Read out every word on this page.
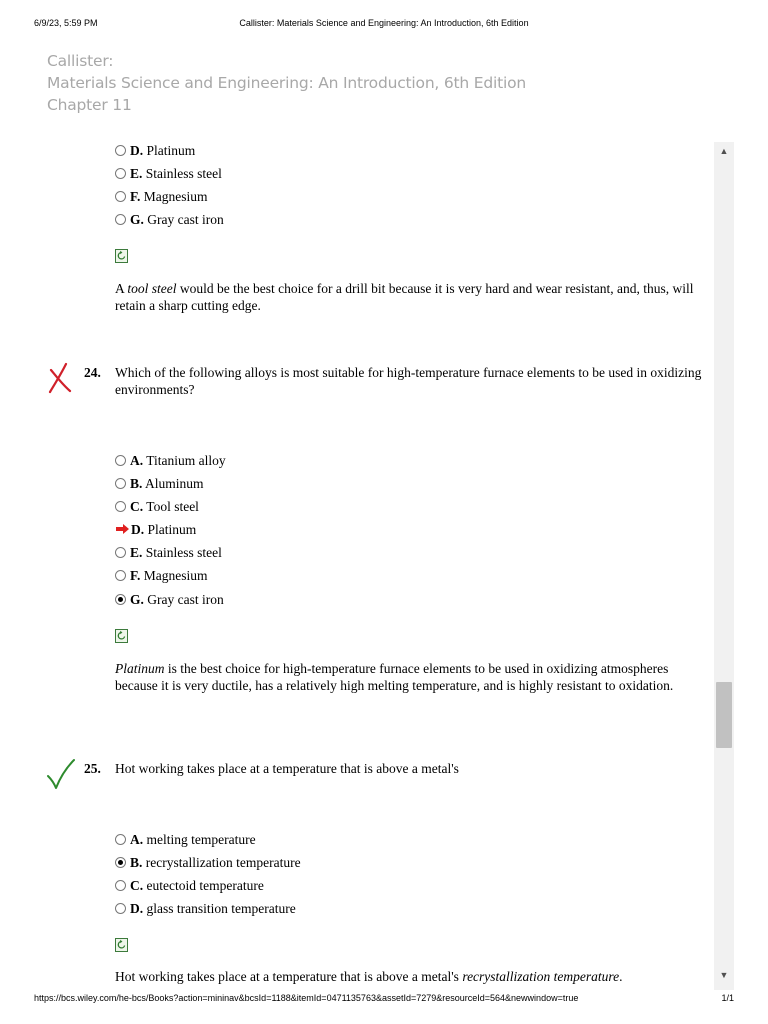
6/9/23, 5:59 PM	Callister: Materials Science and Engineering: An Introduction, 6th Edition
Callister:
Materials Science and Engineering: An Introduction, 6th Edition
Chapter 11
D. Platinum
E. Stainless steel
F. Magnesium
G. Gray cast iron
A tool steel would be the best choice for a drill bit because it is very hard and wear resistant, and, thus, will retain a sharp cutting edge.
24. Which of the following alloys is most suitable for high-temperature furnace elements to be used in oxidizing environments?
A. Titanium alloy
B. Aluminum
C. Tool steel
D. Platinum
E. Stainless steel
F. Magnesium
G. Gray cast iron
Platinum is the best choice for high-temperature furnace elements to be used in oxidizing atmospheres because it is very ductile, has a relatively high melting temperature, and is highly resistant to oxidation.
25. Hot working takes place at a temperature that is above a metal's
A. melting temperature
B. recrystallization temperature
C. eutectoid temperature
D. glass transition temperature
Hot working takes place at a temperature that is above a metal's recrystallization temperature.
▲
▼
https://bcs.wiley.com/he-bcs/Books?action=mininav&bcsId=1188&itemId=0471135763&assetId=7279&resourceId=564&newwindow=true	1/1
